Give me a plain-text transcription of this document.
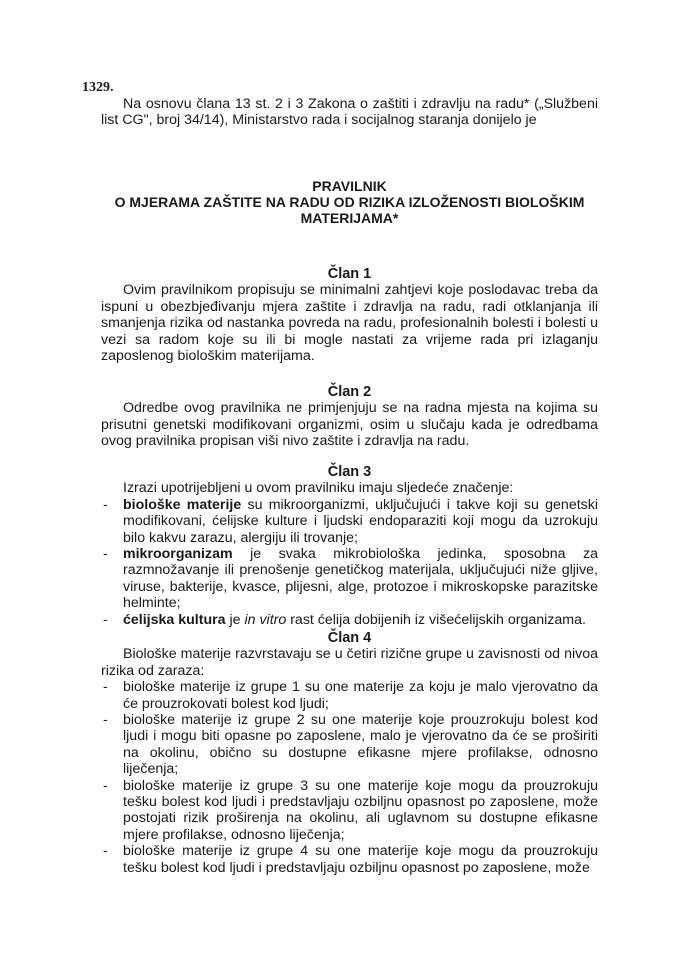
1329.

Na osnovu člana 13 st. 2 i 3 Zakona o zaštiti i zdravlju na radu* („Službeni list CG", broj 34/14), Ministarstvo rada i socijalnog staranja donijelo je

PRAVILNIK
O MJERAMA ZAŠTITE NA RADU OD RIZIKA IZLOŽENOSTI BIOLOŠKIM MATERIJAMA*

Član 1

Ovim pravilnikom propisuju se minimalni zahtjevi koje poslodavac treba da ispuni u obezbjeđivanju mjera zaštite i zdravlja na radu, radi otklanjanja ili smanjenja rizika od nastanka povreda na radu, profesionalnih bolesti i bolesti u vezi sa radom koje su ili bi mogle nastati za vrijeme rada pri izlaganju zaposlenog biološkim materijama.

Član 2

Odredbe ovog pravilnika ne primjenjuju se na radna mjesta na kojima su prisutni genetski modifikovani organizmi, osim u slučaju kada je odredbama ovog pravilnika propisan viši nivo zaštite i zdravlja na radu.

Član 3

Izrazi upotrijebljeni u ovom pravilniku imaju sljedeće značenje:

- biološke materije su mikroorganizmi, uključujući i takve koji su genetski modifikovani, ćelijske kulture i ljudski endoparaziti koji mogu da uzrokuju bilo kakvu zarazu, alergiju ili trovanje;
- mikroorganizam je svaka mikrobiološka jedinka, sposobna za razmnožavanje ili prenošenje genetičkog materijala, uključujući niže gljive, viruse, bakterije, kvasce, plijesni, alge, protozoe i mikroskopske parazitske helminte;
- ćelijska kultura je in vitro rast ćelija dobijenih iz višećelijskih organizama.

Član 4

Biološke materije razvrstavaju se u četiri rizične grupe u zavisnosti od nivoa rizika od zaraza:

- biološke materije iz grupe 1 su one materije za koju je malo vjerovatno da će prouzrokovati bolest kod ljudi;
- biološke materije iz grupe 2 su one materije koje prouzrokuju bolest kod ljudi i mogu biti opasne po zaposlene, malo je vjerovatno da će se proširiti na okolinu, obično su dostupne efikasne mjere profilakse, odnosno liječenja;
- biološke materije iz grupe 3 su one materije koje mogu da prouzrokuju tešku bolest kod ljudi i predstavljaju ozbiljnu opasnost po zaposlene, može postojati rizik proširenja na okolinu, ali uglavnom su dostupne efikasne mjere profilakse, odnosno liječenja;
- biološke materije iz grupe 4 su one materije koje mogu da prouzrokuju tešku bolest kod ljudi i predstavljaju ozbiljnu opasnost po zaposlene, može
